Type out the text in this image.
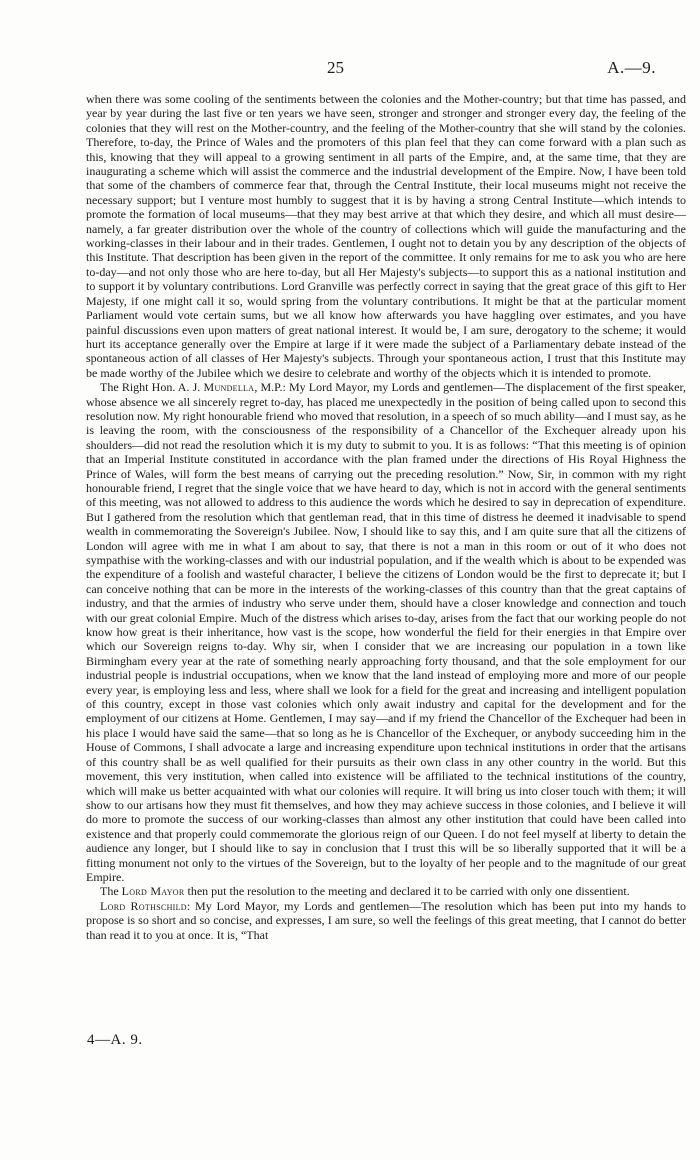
25	A.—9.

when there was some cooling of the sentiments between the colonies and the Mother-country; but that time has passed, and year by year during the last five or ten years we have seen, stronger and stronger and stronger every day, the feeling of the colonies that they will rest on the Mother-country, and the feeling of the Mother-country that she will stand by the colonies. Therefore, to-day, the Prince of Wales and the promoters of this plan feel that they can come forward with a plan such as this, knowing that they will appeal to a growing sentiment in all parts of the Empire, and, at the same time, that they are inaugurating a scheme which will assist the commerce and the industrial development of the Empire. Now, I have been told that some of the chambers of commerce fear that, through the Central Institute, their local museums might not receive the necessary support; but I venture most humbly to suggest that it is by having a strong Central Institute—which intends to promote the formation of local museums—that they may best arrive at that which they desire, and which all must desire—namely, a far greater distribution over the whole of the country of collections which will guide the manufacturing and the working-classes in their labour and in their trades. Gentlemen, I ought not to detain you by any description of the objects of this Institute. That description has been given in the report of the committee. It only remains for me to ask you who are here to-day—and not only those who are here to-day, but all Her Majesty's subjects—to support this as a national institution and to support it by voluntary contributions. Lord Granville was perfectly correct in saying that the great grace of this gift to Her Majesty, if one might call it so, would spring from the voluntary contributions. It might be that at the particular moment Parliament would vote certain sums, but we all know how afterwards you have haggling over estimates, and you have painful discussions even upon matters of great national interest. It would be, I am sure, derogatory to the scheme; it would hurt its acceptance generally over the Empire at large if it were made the subject of a Parliamentary debate instead of the spontaneous action of all classes of Her Majesty's subjects. Through your spontaneous action, I trust that this Institute may be made worthy of the Jubilee which we desire to celebrate and worthy of the objects which it is intended to promote.

The Right Hon. A. J. Mundella, M.P.: My Lord Mayor, my Lords and gentlemen—The displacement of the first speaker, whose absence we all sincerely regret to-day, has placed me unexpectedly in the position of being called upon to second this resolution now. My right honourable friend who moved that resolution, in a speech of so much ability—and I must say, as he is leaving the room, with the consciousness of the responsibility of a Chancellor of the Exchequer already upon his shoulders—did not read the resolution which it is my duty to submit to you. It is as follows: “That this meeting is of opinion that an Imperial Institute constituted in accordance with the plan framed under the directions of His Royal Highness the Prince of Wales, will form the best means of carrying out the preceding resolution.” Now, Sir, in common with my right honourable friend, I regret that the single voice that we have heard to day, which is not in accord with the general sentiments of this meeting, was not allowed to address to this audience the words which he desired to say in deprecation of expenditure. But I gathered from the resolution which that gentleman read, that in this time of distress he deemed it inadvisable to spend wealth in commemorating the Sovereign's Jubilee. Now, I should like to say this, and I am quite sure that all the citizens of London will agree with me in what I am about to say, that there is not a man in this room or out of it who does not sympathise with the working-classes and with our industrial population, and if the wealth which is about to be expended was the expenditure of a foolish and wasteful character, I believe the citizens of London would be the first to deprecate it; but I can conceive nothing that can be more in the interests of the working-classes of this country than that the great captains of industry, and that the armies of industry who serve under them, should have a closer knowledge and connection and touch with our great colonial Empire. Much of the distress which arises to-day, arises from the fact that our working people do not know how great is their inheritance, how vast is the scope, how wonderful the field for their energies in that Empire over which our Sovereign reigns to-day. Why sir, when I consider that we are increasing our population in a town like Birmingham every year at the rate of something nearly approaching forty thousand, and that the sole employment for our industrial people is industrial occupations, when we know that the land instead of employing more and more of our people every year, is employing less and less, where shall we look for a field for the great and increasing and intelligent population of this country, except in those vast colonies which only await industry and capital for the development and for the employment of our citizens at Home. Gentlemen, I may say—and if my friend the Chancellor of the Exchequer had been in his place I would have said the same—that so long as he is Chancellor of the Exchequer, or anybody succeeding him in the House of Commons, I shall advocate a large and increasing expenditure upon technical institutions in order that the artisans of this country shall be as well qualified for their pursuits as their own class in any other country in the world. But this movement, this very institution, when called into existence will be affiliated to the technical institutions of the country, which will make us better acquainted with what our colonies will require. It will bring us into closer touch with them; it will show to our artisans how they must fit themselves, and how they may achieve success in those colonies, and I believe it will do more to promote the success of our working-classes than almost any other institution that could have been called into existence and that properly could commemorate the glorious reign of our Queen. I do not feel myself at liberty to detain the audience any longer, but I should like to say in conclusion that I trust this will be so liberally supported that it will be a fitting monument not only to the virtues of the Sovereign, but to the loyalty of her people and to the magnitude of our great Empire.

The Lord Mayor then put the resolution to the meeting and declared it to be carried with only one dissentient.

Lord Rothschild: My Lord Mayor, my Lords and gentlemen—The resolution which has been put into my hands to propose is so short and so concise, and expresses, I am sure, so well the feelings of this great meeting, that I cannot do better than read it to you at once. It is, “That

4—A. 9.
